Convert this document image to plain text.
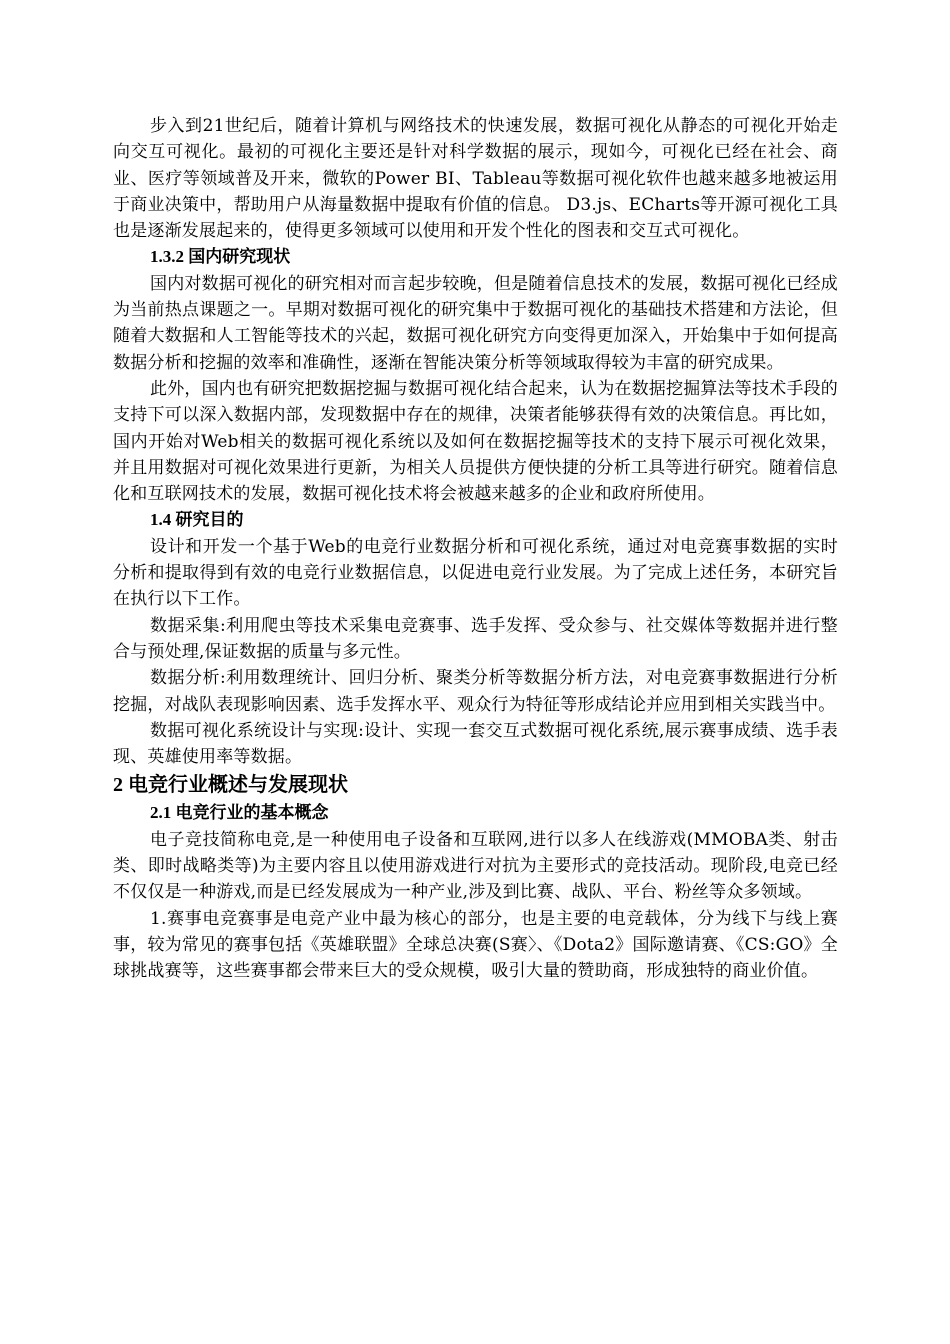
步入到21世纪后，随着计算机与网络技术的快速发展，数据可视化从静态的可视化开始走向交互可视化。最初的可视化主要还是针对科学数据的展示，现如今，可视化已经在社会、商业、医疗等领域普及开来，微软的Power BI、Tableau等数据可视化软件也越来越多地被运用于商业决策中，帮助用户从海量数据中提取有价值的信息。 D3.js、ECharts等开源可视化工具也是逐渐发展起来的，使得更多领域可以使用和开发个性化的图表和交互式可视化。

1.3.2 国内研究现状

国内对数据可视化的研究相对而言起步较晚，但是随着信息技术的发展，数据可视化已经成为当前热点课题之一。早期对数据可视化的研究集中于数据可视化的基础技术搭建和方法论，但随着大数据和人工智能等技术的兴起，数据可视化研究方向变得更加深入，开始集中于如何提高数据分析和挖掘的效率和准确性，逐渐在智能决策分析等领域取得较为丰富的研究成果。

此外，国内也有研究把数据挖掘与数据可视化结合起来，认为在数据挖掘算法等技术手段的支持下可以深入数据内部，发现数据中存在的规律，决策者能够获得有效的决策信息。再比如，国内开始对Web相关的数据可视化系统以及如何在数据挖掘等技术的支持下展示可视化效果，并且用数据对可视化效果进行更新，为相关人员提供方便快捷的分析工具等进行研究。随着信息化和互联网技术的发展，数据可视化技术将会被越来越多的企业和政府所使用。

1.4 研究目的

设计和开发一个基于Web的电竞行业数据分析和可视化系统，通过对电竞赛事数据的实时分析和提取得到有效的电竞行业数据信息，以促进电竞行业发展。为了完成上述任务，本研究旨在执行以下工作。

数据采集:利用爬虫等技术采集电竞赛事、选手发挥、受众参与、社交媒体等数据并进行整合与预处理,保证数据的质量与多元性。

数据分析:利用数理统计、回归分析、聚类分析等数据分析方法，对电竞赛事数据进行分析挖掘，对战队表现影响因素、选手发挥水平、观众行为特征等形成结论并应用到相关实践当中。

数据可视化系统设计与实现:设计、实现一套交互式数据可视化系统,展示赛事成绩、选手表现、英雄使用率等数据。

2 电竞行业概述与发展现状

2.1 电竞行业的基本概念

电子竞技简称电竞,是一种使用电子设备和互联网,进行以多人在线游戏(MMOBA类、射击类、即时战略类等)为主要内容且以使用游戏进行对抗为主要形式的竞技活动。现阶段,电竞已经不仅仅是一种游戏,而是已经发展成为一种产业,涉及到比赛、战队、平台、粉丝等众多领域。

1.赛事电竞赛事是电竞产业中最为核心的部分，也是主要的电竞载体，分为线下与线上赛事，较为常见的赛事包括《英雄联盟》全球总决赛(S赛〉、《Dota2》国际邀请赛、《CS:GO》全球挑战赛等，这些赛事都会带来巨大的受众规模，吸引大量的赞助商，形成独特的商业价值。
